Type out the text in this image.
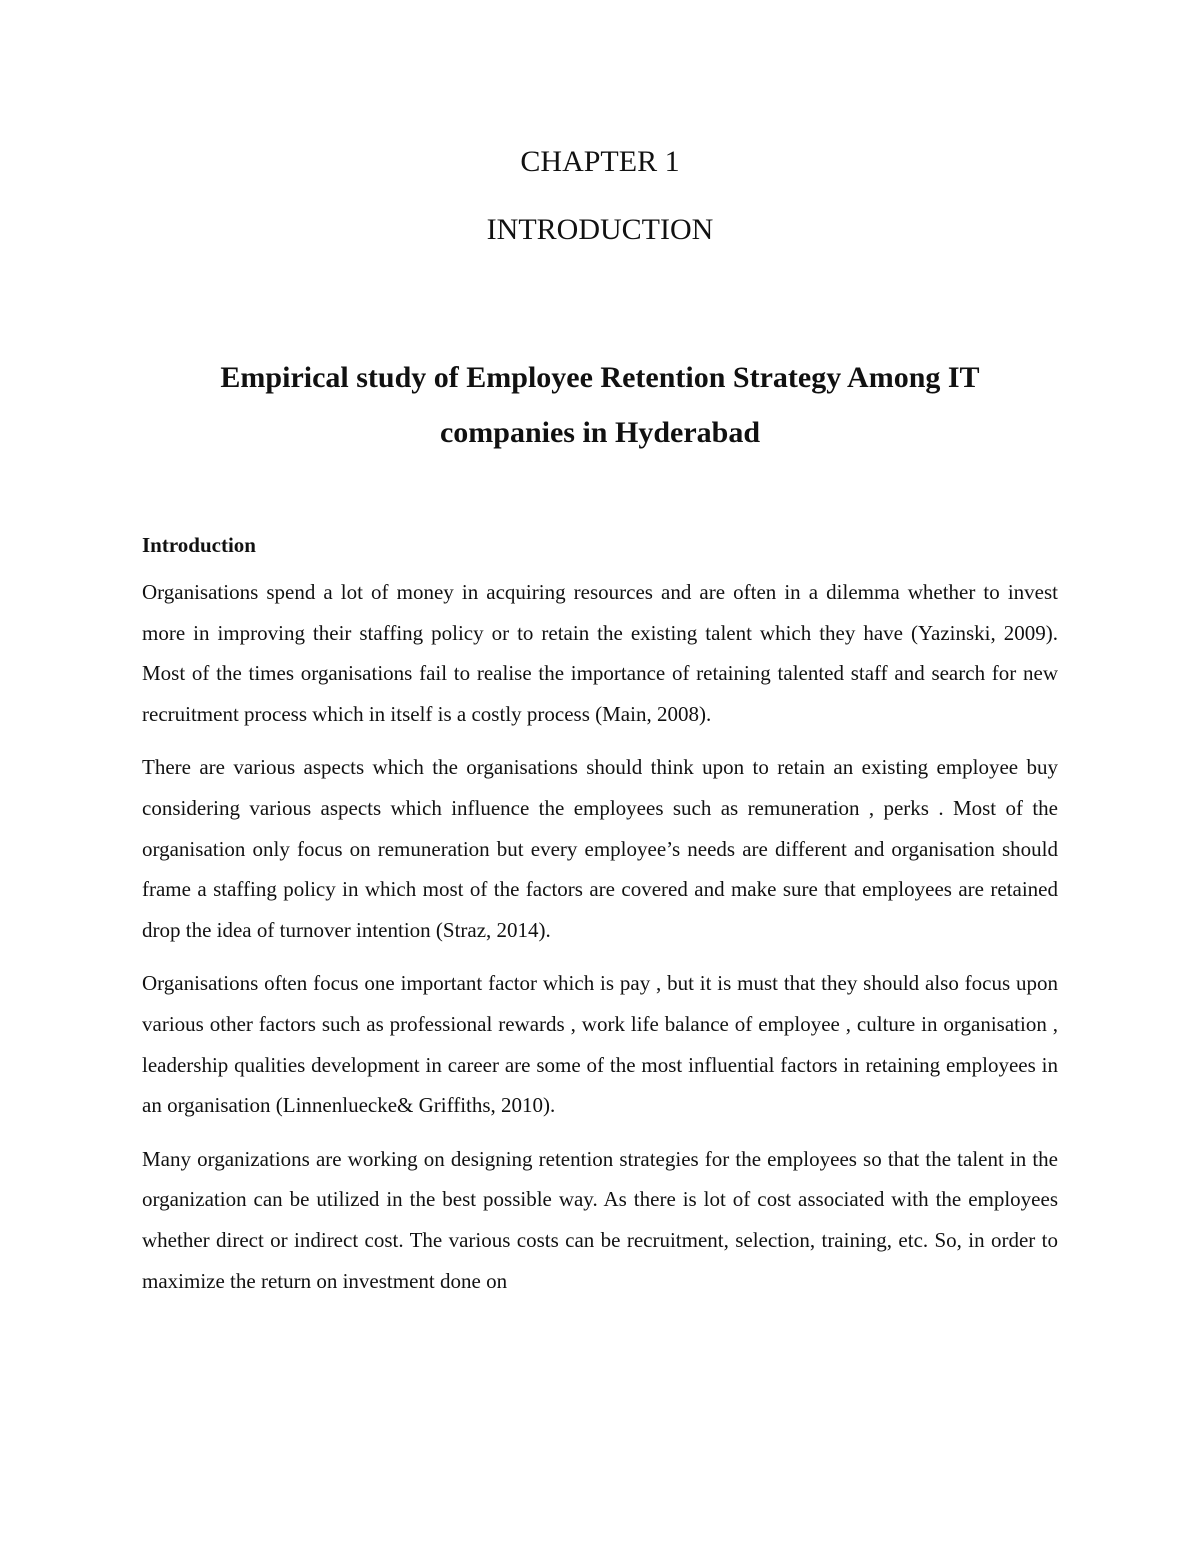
CHAPTER 1
INTRODUCTION
Empirical study of Employee Retention Strategy Among IT companies in Hyderabad
Introduction

Organisations spend a lot of money in acquiring resources and are often in a dilemma whether to invest more in improving their staffing policy or to retain the existing talent which they have (Yazinski, 2009). Most of the times organisations fail to realise the importance of retaining talented staff and search for new recruitment process which in itself is a costly process (Main, 2008).

There are various aspects which the organisations should think upon to retain an existing employee buy considering various aspects which influence the employees such as remuneration , perks . Most of the organisation only focus on remuneration but every employee’s needs are different and organisation should frame a staffing policy in which most of the factors are covered and make sure that employees are retained drop the idea of turnover intention (Straz, 2014).

Organisations often focus one important factor which is pay , but it is must that they should also focus upon various other factors such as professional rewards , work life balance of employee , culture in organisation , leadership qualities development in career are some of the most influential factors in retaining employees in an organisation (Linnenluecke& Griffiths, 2010).

Many organizations are working on designing retention strategies for the employees so that the talent in the organization can be utilized in the best possible way. As there is lot of cost associated with the employees whether direct or indirect cost. The various costs can be recruitment, selection, training, etc. So, in order to maximize the return on investment done on
